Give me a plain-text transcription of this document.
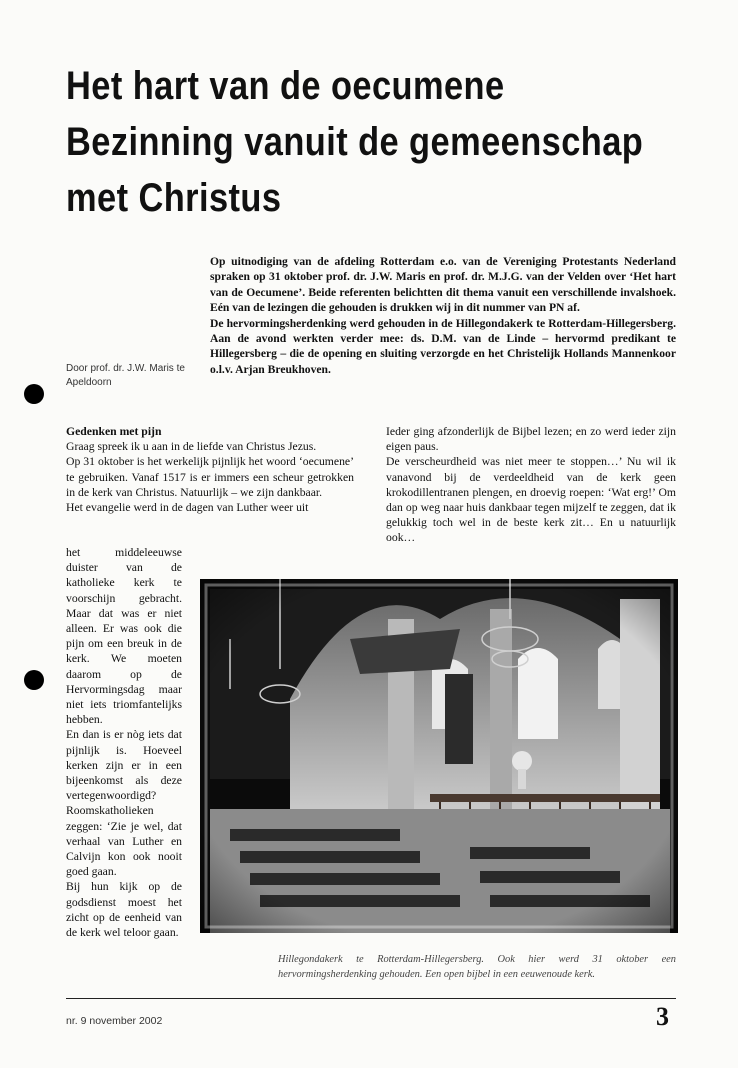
Het hart van de oecumene
Bezinning vanuit de gemeenschap
met Christus

Op uitnodiging van de afdeling Rotterdam e.o. van de Vereniging Protestants Nederland spraken op 31 oktober prof. dr. J.W. Maris en prof. dr. M.J.G. van der Velden over ‘Het hart van de Oecumene’. Beide referenten belichtten dit thema vanuit een verschillende invalshoek. Eén van de lezingen die gehouden is drukken wij in dit nummer van PN af.

De hervormingsherdenking werd gehouden in de Hillegondakerk te Rotterdam-Hillegersberg. Aan de avond werkten verder mee: ds. D.M. van de Linde – hervormd predikant te Hillegersberg – die de opening en sluiting verzorgde en het Christelijk Hollands Mannenkoor o.l.v. Arjan Breukhoven.

Door prof. dr. J.W. Maris te Apeldoorn
Gedenken met pijn

Graag spreek ik u aan in de liefde van Christus Jezus.

Op 31 oktober is het werkelijk pijnlijk het woord ‘oecumene’ te gebruiken. Vanaf 1517 is er immers een scheur getrokken in de kerk van Christus. Natuurlijk – we zijn dankbaar.

Het evangelie werd in de dagen van Luther weer uit

het middeleeuwse duister van de katholieke kerk te voorschijn gebracht. Maar dat was er niet alleen. Er was ook die pijn om een breuk in de kerk. We moeten daarom op de Hervormingsdag maar niet iets triomfantelijks hebben.

En dan is er nòg iets dat pijnlijk is. Hoeveel kerken zijn er in een bijeenkomst als deze vertegenwoordigd? Roomskatholieken zeggen: ‘Zie je wel, dat verhaal van Luther en Calvijn kon ook nooit goed gaan.

Bij hun kijk op de godsdienst moest het zicht op de eenheid van de kerk wel teloor gaan.

Ieder ging afzonderlijk de Bijbel lezen; en zo werd ieder zijn eigen paus.

De verscheurdheid was niet meer te stoppen…’ Nu wil ik vanavond bij de verdeeldheid van de kerk geen krokodillentranen plengen, en droevig roepen: ‘Wat erg!’ Om dan op weg naar huis dankbaar tegen mijzelf te zeggen, dat ik gelukkig toch wel in de beste kerk zit… En u natuurlijk ook…

Hillegondakerk te Rotterdam-Hillegersberg. Ook hier werd 31 oktober een hervormingsherdenking gehouden. Een open bijbel in een eeuwenoude kerk.
nr. 9 november 2002	3
